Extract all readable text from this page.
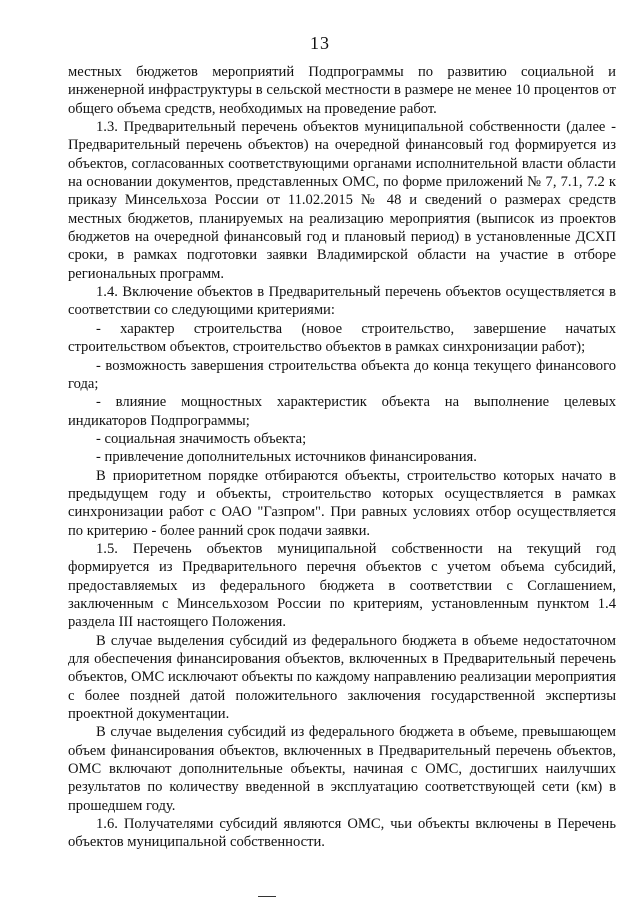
13

местных бюджетов мероприятий Подпрограммы по развитию социальной и инженерной инфраструктуры в сельской местности в размере не менее 10 процентов от общего объема средств, необходимых на проведение работ.

1.3. Предварительный перечень объектов муниципальной собственности (далее - Предварительный перечень объектов) на очередной финансовый год формируется из объектов, согласованных соответствующими органами исполнительной власти области на основании документов, представленных ОМС, по форме приложений № 7, 7.1, 7.2 к приказу Минсельхоза России от 11.02.2015 № 48 и сведений о размерах средств местных бюджетов, планируемых на реализацию мероприятия (выписок из проектов бюджетов на очередной финансовый год и плановый период) в установленные ДСХП сроки, в рамках подготовки заявки Владимирской области на участие в отборе региональных программ.

1.4. Включение объектов в Предварительный перечень объектов осуществляется в соответствии со следующими критериями:

- характер строительства (новое строительство, завершение начатых строительством объектов, строительство объектов в рамках синхронизации работ);

- возможность завершения строительства объекта до конца текущего финансового года;

- влияние мощностных характеристик объекта на выполнение целевых индикаторов Подпрограммы;

- социальная значимость объекта;

- привлечение дополнительных источников финансирования.

В приоритетном порядке отбираются объекты, строительство которых начато в предыдущем году и объекты, строительство которых осуществляется в рамках синхронизации работ с ОАО "Газпром". При равных условиях отбор осуществляется по критерию - более ранний срок подачи заявки.

1.5. Перечень объектов муниципальной собственности на текущий год формируется из Предварительного перечня объектов с учетом объема субсидий, предоставляемых из федерального бюджета в соответствии с Соглашением, заключенным с Минсельхозом России по критериям, установленным пунктом 1.4 раздела III настоящего Положения.

В случае выделения субсидий из федерального бюджета в объеме недостаточном для обеспечения финансирования объектов, включенных в Предварительный перечень объектов, ОМС исключают объекты по каждому направлению реализации мероприятия с более поздней датой положительного заключения государственной экспертизы проектной документации.

В случае выделения субсидий из федерального бюджета в объеме, превышающем объем финансирования объектов, включенных в Предварительный перечень объектов, ОМС включают дополнительные объекты, начиная с ОМС, достигших наилучших результатов по количеству введенной в эксплуатацию соответствующей сети (км) в прошедшем году.

1.6. Получателями субсидий являются ОМС, чьи объекты включены в Перечень объектов муниципальной собственности.
